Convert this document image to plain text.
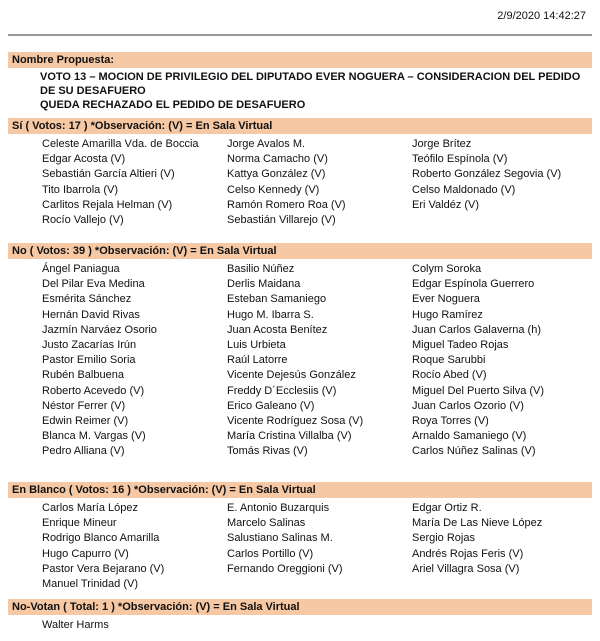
2/9/2020 14:42:27
Nombre Propuesta:
VOTO 13 – MOCION DE PRIVILEGIO DEL DIPUTADO EVER NOGUERA – CONSIDERACION DEL PEDIDO DE SU DESAFUERO
QUEDA RECHAZADO EL PEDIDO DE DESAFUERO
Sí ( Votos: 17 ) *Observación: (V) = En Sala Virtual
Celeste Amarilla Vda. de Boccia
Edgar Acosta (V)
Sebastián García Altieri (V)
Tito Ibarrola (V)
Carlitos Rejala Helman (V)
Rocío Vallejo (V)
Jorge Avalos M.
Norma Camacho (V)
Kattya González (V)
Celso Kennedy (V)
Ramón Romero Roa (V)
Sebastián Villarejo (V)
Jorge Brítez
Teófilo Espínola (V)
Roberto González Segovia (V)
Celso Maldonado (V)
Eri Valdéz (V)
No ( Votos: 39 ) *Observación: (V) = En Sala Virtual
Ángel Paniagua
Del Pilar Eva Medina
Esmérita Sánchez
Hernán David Rivas
Jazmín Narváez Osorio
Justo Zacarías Irún
Pastor Emilio Soria
Rubén Balbuena
Roberto Acevedo (V)
Néstor Ferrer (V)
Edwin Reimer (V)
Blanca M. Vargas (V)
Pedro Alliana (V)
Basilio Núñez
Derlis Maidana
Esteban Samaniego
Hugo M. Ibarra S.
Juan Acosta Benítez
Luis Urbieta
Raúl Latorre
Vicente Dejesús González
Freddy D´Ecclesiis (V)
Erico Galeano (V)
Vicente Rodríguez Sosa (V)
María Cristina Villalba (V)
Tomás Rivas (V)
Colym Soroka
Edgar Espínola Guerrero
Ever Noguera
Hugo Ramírez
Juan Carlos Galaverna (h)
Miguel Tadeo Rojas
Roque Sarubbi
Rocío Abed (V)
Miguel Del Puerto Silva (V)
Juan Carlos Ozorio (V)
Roya Torres (V)
Arnaldo Samaniego (V)
Carlos Núñez Salinas (V)
En Blanco ( Votos: 16 ) *Observación: (V) = En Sala Virtual
Carlos María López
Enrique Mineur
Rodrigo Blanco Amarilla
Hugo Capurro (V)
Pastor Vera Bejarano (V)
Manuel Trinidad (V)
E. Antonio Buzarquis
Marcelo Salinas
Salustiano Salinas M.
Carlos Portillo (V)
Fernando Oreggioni (V)
Edgar Ortiz R.
María De Las Nieve López
Sergio Rojas
Andrés Rojas Feris (V)
Ariel Villagra Sosa (V)
No-Votan ( Total: 1 ) *Observación: (V) = En Sala Virtual
Walter Harms
